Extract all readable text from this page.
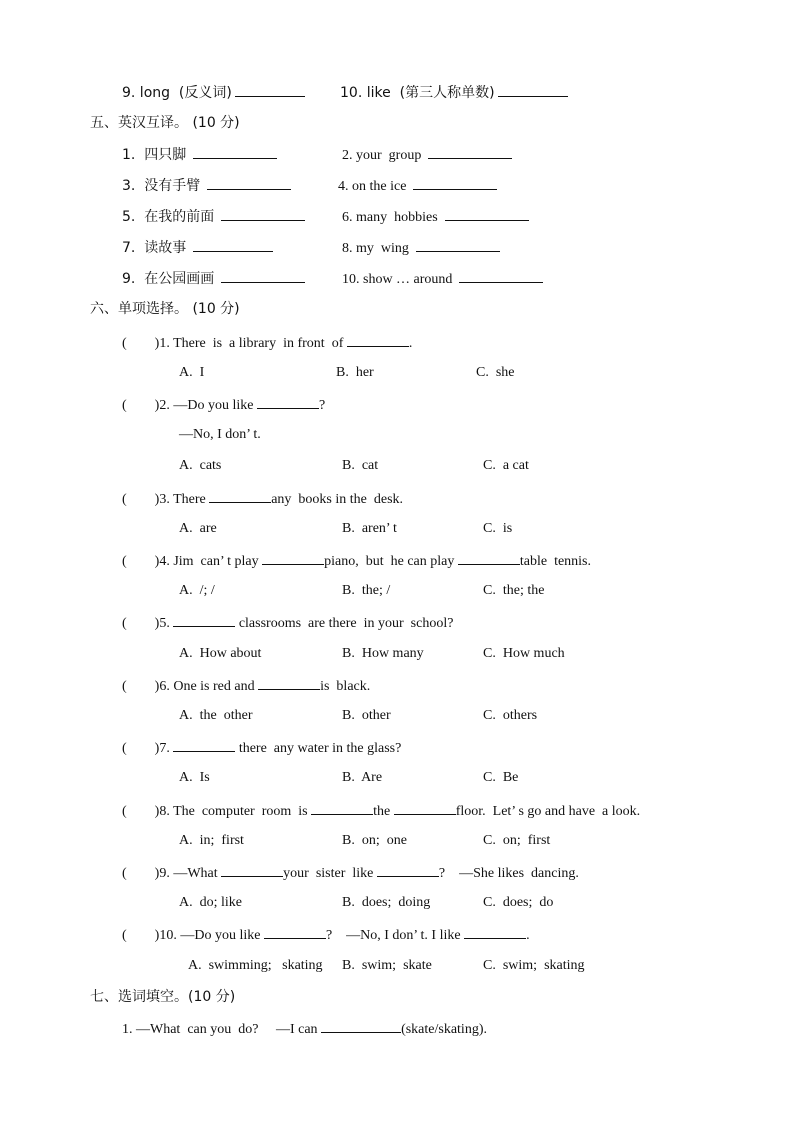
9. long  (反义词)	10. like  (第三人称单数)
五、英汉互译。 (10 分)
1.  四只脚	2. your  group
3.  没有手臂	4. on the ice
5.  在我的前面	6. many  hobbies
7.  读故事	8. my  wing
9.  在公园画画	10. show … around
六、单项选择。 (10 分)
(        )1. There  is  a library  in front  of	.
A.  I	B.  her	C.  she
(        )2. —Do you like	?
—No, I don’ t.
A.  cats	B.  cat	C.  a cat
(        )3. There	any  books in the  desk.
A.  are	B.  aren’ t	C.  is
(        )4. Jim  can’ t play	piano,  but  he can play	table  tennis.
A.  /; /	B.  the; /	C.  the; the
(        )5.	classrooms  are there  in your  school?
A.  How about	B.  How many	C.  How much
(        )6. One is red and	is  black.
A.  the  other	B.  other	C.  others
(        )7.	there  any water in the glass?
A.  Is	B.  Are	C.  Be
(        )8. The  computer  room  is	the	floor.  Let’ s go and have  a look.
A.  in;  first	B.  on;  one	C.  on;  first
(        )9. —What	your  sister  like	?    —She likes  dancing.
A.  do; like	B.  does;  doing	C.  does;  do
(        )10. —Do you like	?    —No, I don’ t. I like	.
A.  swimming;   skating B.  swim;  skate	C.  swim;  skating
七、选词填空。(10 分)
1. —What  can you  do?     —I can	(skate/skating).
